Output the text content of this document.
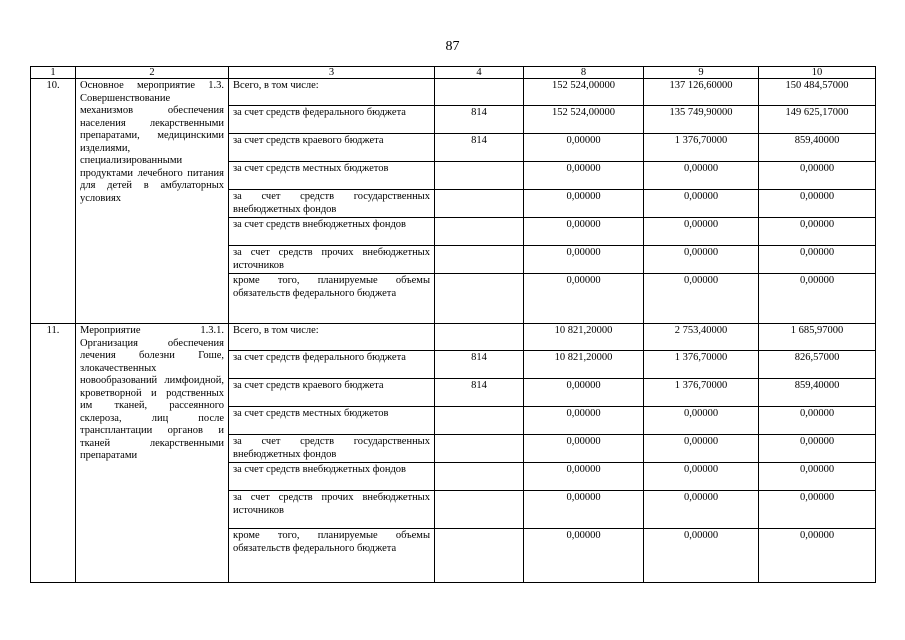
87
1	2	3	4	8	9	10
10.	Основное мероприятие 1.3. Совершенствование механизмов обеспечения населения лекарственными препаратами, медицинскими изделиями, специализированными продуктами лечебного питания для детей в амбулаторных условиях	Всего, в том числе:		152 524,00000	137 126,60000	150 484,57000
		за счет средств федерального бюджета	814	152 524,00000	135 749,90000	149 625,17000
		за счет средств краевого бюджета	814	0,00000	1 376,70000	859,40000
		за счет средств местных бюджетов		0,00000	0,00000	0,00000
		за счет средств государственных внебюджетных фондов		0,00000	0,00000	0,00000
		за счет средств внебюджетных фондов		0,00000	0,00000	0,00000
		за счет средств прочих внебюджетных источников		0,00000	0,00000	0,00000
		кроме того, планируемые объемы обязательств федерального бюджета		0,00000	0,00000	0,00000
11.	Мероприятие 1.3.1. Организация обеспечения лечения болезни Гоше, злокачественных новообразований лимфоидной, кроветворной и родственных им тканей, рассеянного склероза, лиц после трансплантации органов и тканей лекарственными препаратами	Всего, в том числе:		10 821,20000	2 753,40000	1 685,97000
		за счет средств федерального бюджета	814	10 821,20000	1 376,70000	826,57000
		за счет средств краевого бюджета	814	0,00000	1 376,70000	859,40000
		за счет средств местных бюджетов		0,00000	0,00000	0,00000
		за счет средств государственных внебюджетных фондов		0,00000	0,00000	0,00000
		за счет средств внебюджетных фондов		0,00000	0,00000	0,00000
		за счет средств прочих внебюджетных источников		0,00000	0,00000	0,00000
		кроме того, планируемые объемы обязательств федерального бюджета		0,00000	0,00000	0,00000
